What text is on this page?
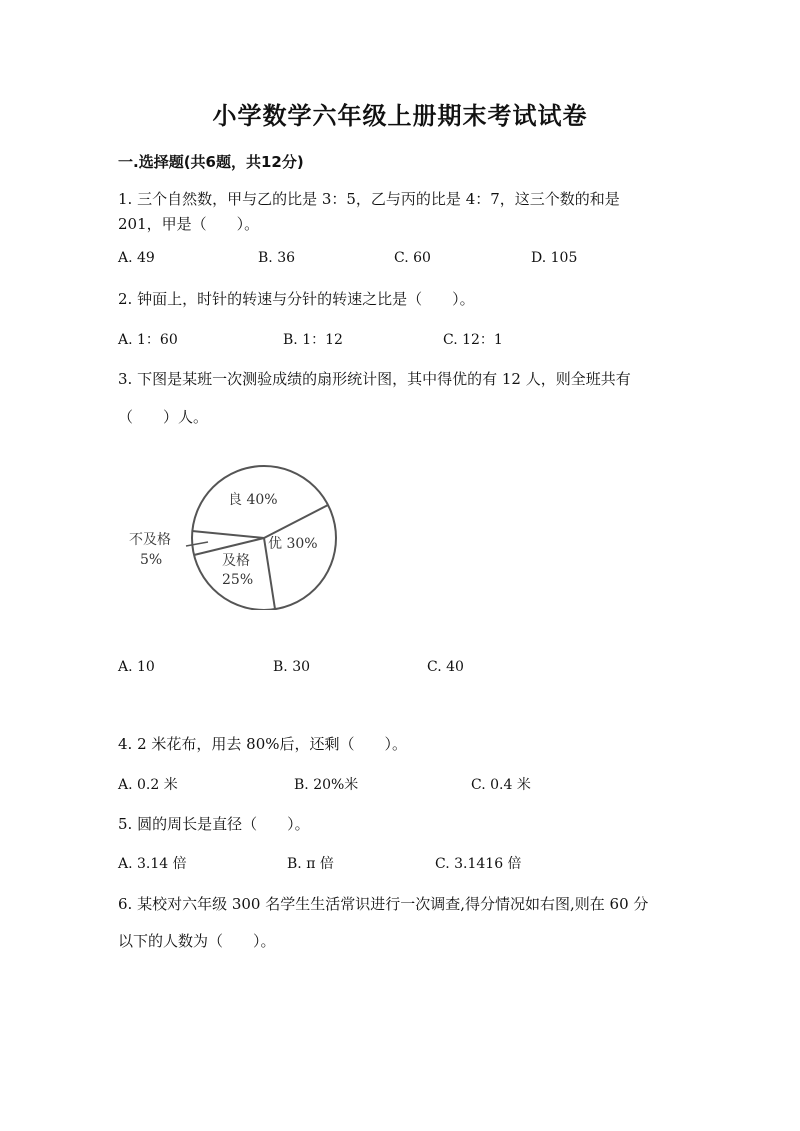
小学数学六年级上册期末考试试卷
一.选择题(共6题，共12分)
1. 三个自然数，甲与乙的比是 3：5，乙与丙的比是 4：7，这三个数的和是
201，甲是（　　）。
A. 49	B. 36	C. 60	D. 105
2. 钟面上，时针的转速与分针的转速之比是（　　）。
A. 1：60	B. 1：12	C. 12：1
3. 下图是某班一次测验成绩的扇形统计图，其中得优的有 12 人，则全班共有
（　　）人。
良 40%
优 30%
及格
25%
不及格
5%
A. 10	B. 30	C. 40
4. 2 米花布，用去 80%后，还剩（　　）。
A. 0.2 米	B. 20%米	C. 0.4 米
5. 圆的周长是直径（　　）。
A. 3.14 倍	B. π 倍	C. 3.1416 倍
6. 某校对六年级 300 名学生生活常识进行一次调查,得分情况如右图,则在 60 分
以下的人数为（　　）。
